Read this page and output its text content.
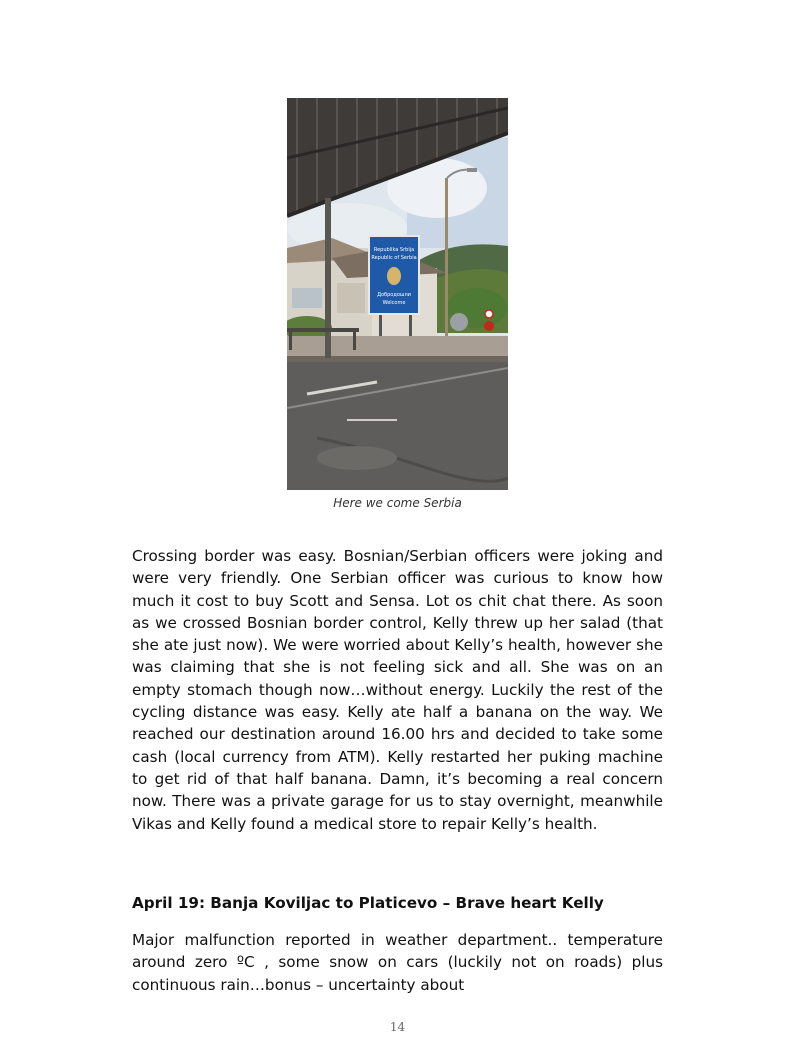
Republika Srbija
Republic of Serbia
Добродошли
Welcome
Here we come Serbia

Crossing border was easy. Bosnian/Serbian officers were joking and were very friendly. One Serbian officer was curious to know how much it cost to buy Scott and Sensa. Lot os chit chat there. As soon as we crossed Bosnian border control, Kelly threw up her salad (that she ate just now). We were worried about Kelly’s health, however she was claiming that she is not feeling sick and all. She was on an empty stomach though now…without energy. Luckily the rest of the cycling distance was easy. Kelly ate half a banana on the way. We reached our destination around 16.00 hrs and decided to take some cash (local currency from ATM). Kelly restarted her puking machine to get rid of that half banana. Damn, it’s becoming a real concern now. There was a private garage for us to stay overnight, meanwhile Vikas and Kelly found a medical store to repair Kelly’s health.

April 19: Banja Koviljac to Platicevo – Brave heart Kelly

Major malfunction reported in weather department.. temperature around zero ºC , some snow on cars (luckily not on roads) plus continuous rain…bonus – uncertainty about

14
